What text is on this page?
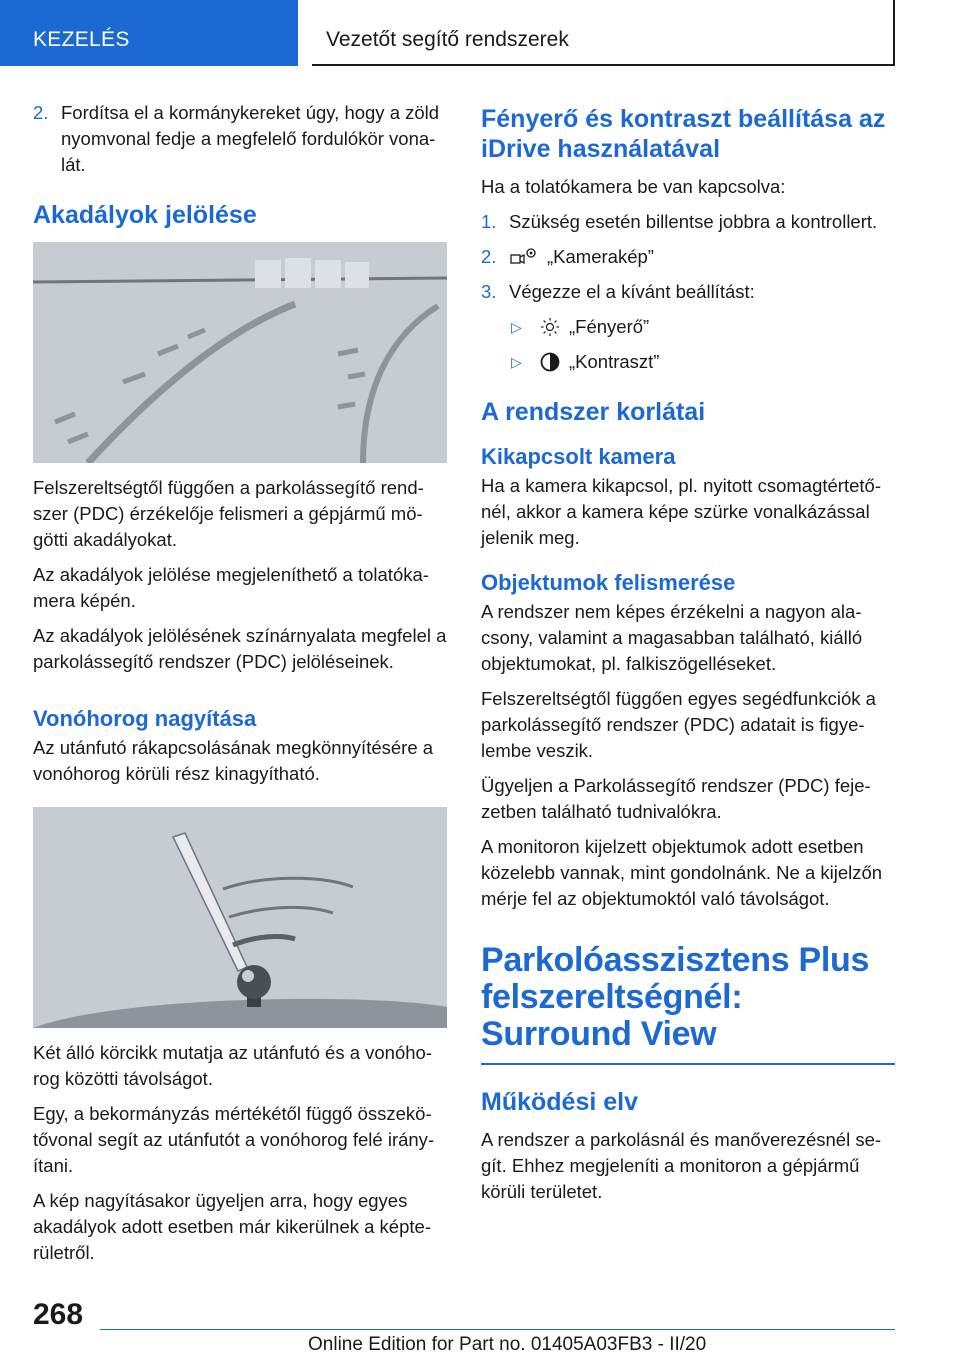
KEZELÉS	Vezetőt segítő rendszerek
2. Fordítsa el a kormánykereket úgy, hogy a zöld nyomvonal fedje a megfelelő fordulókör vonalát.
Akadályok jelölése

Felszereltségtől függően a parkolássegítő rendszer (PDC) érzékelője felismeri a gépjármű mögötti akadályokat.

Az akadályok jelölése megjeleníthető a tolatókamera képén.

Az akadályok jelölésének színárnyalata megfelel a parkolássegítő rendszer (PDC) jelöléseinek.

Vonóhorog nagyítása

Az utánfutó rákapcsolásának megkönnyítésére a vonóhorog körüli rész kinagyítható.

Két álló körcikk mutatja az utánfutó és a vonóhorog közötti távolságot.

Egy, a bekormányzás mértékétől függő összekötővonal segít az utánfutót a vonóhorog felé irányítani.

A kép nagyításakor ügyeljen arra, hogy egyes akadályok adott esetben már kikerülnek a képterületről.

Fényerő és kontraszt beállítása az iDrive használatával

Ha a tolatókamera be van kapcsolva:

1. Szükség esetén billentse jobbra a kontrollert.
2.	„Kamerakép”
3. Végezze el a kívánt beállítást:
▷	„Fényerő”
▷	„Kontraszt”
A rendszer korlátai
Kikapcsolt kamera

Ha a kamera kikapcsol, pl. nyitott csomagtértetőnél, akkor a kamera képe szürke vonalkázással jelenik meg.

Objektumok felismerése

A rendszer nem képes érzékelni a nagyon alacsony, valamint a magasabban található, kiálló objektumokat, pl. falkiszögelléseket.

Felszereltségtől függően egyes segédfunkciók a parkolássegítő rendszer (PDC) adatait is figyelembe veszik.

Ügyeljen a Parkolássegítő rendszer (PDC) fejezetben található tudnivalókra.

A monitoron kijelzett objektumok adott esetben közelebb vannak, mint gondolnánk. Ne a kijelzőn mérje fel az objektumoktól való távolságot.

Parkolóasszisztens Plus felszereltségnél: Surround View
Működési elv

A rendszer a parkolásnál és manőverezésnél segít. Ehhez megjeleníti a monitoron a gépjármű körüli területet.

268
Online Edition for Part no. 01405A03FB3 - II/20
